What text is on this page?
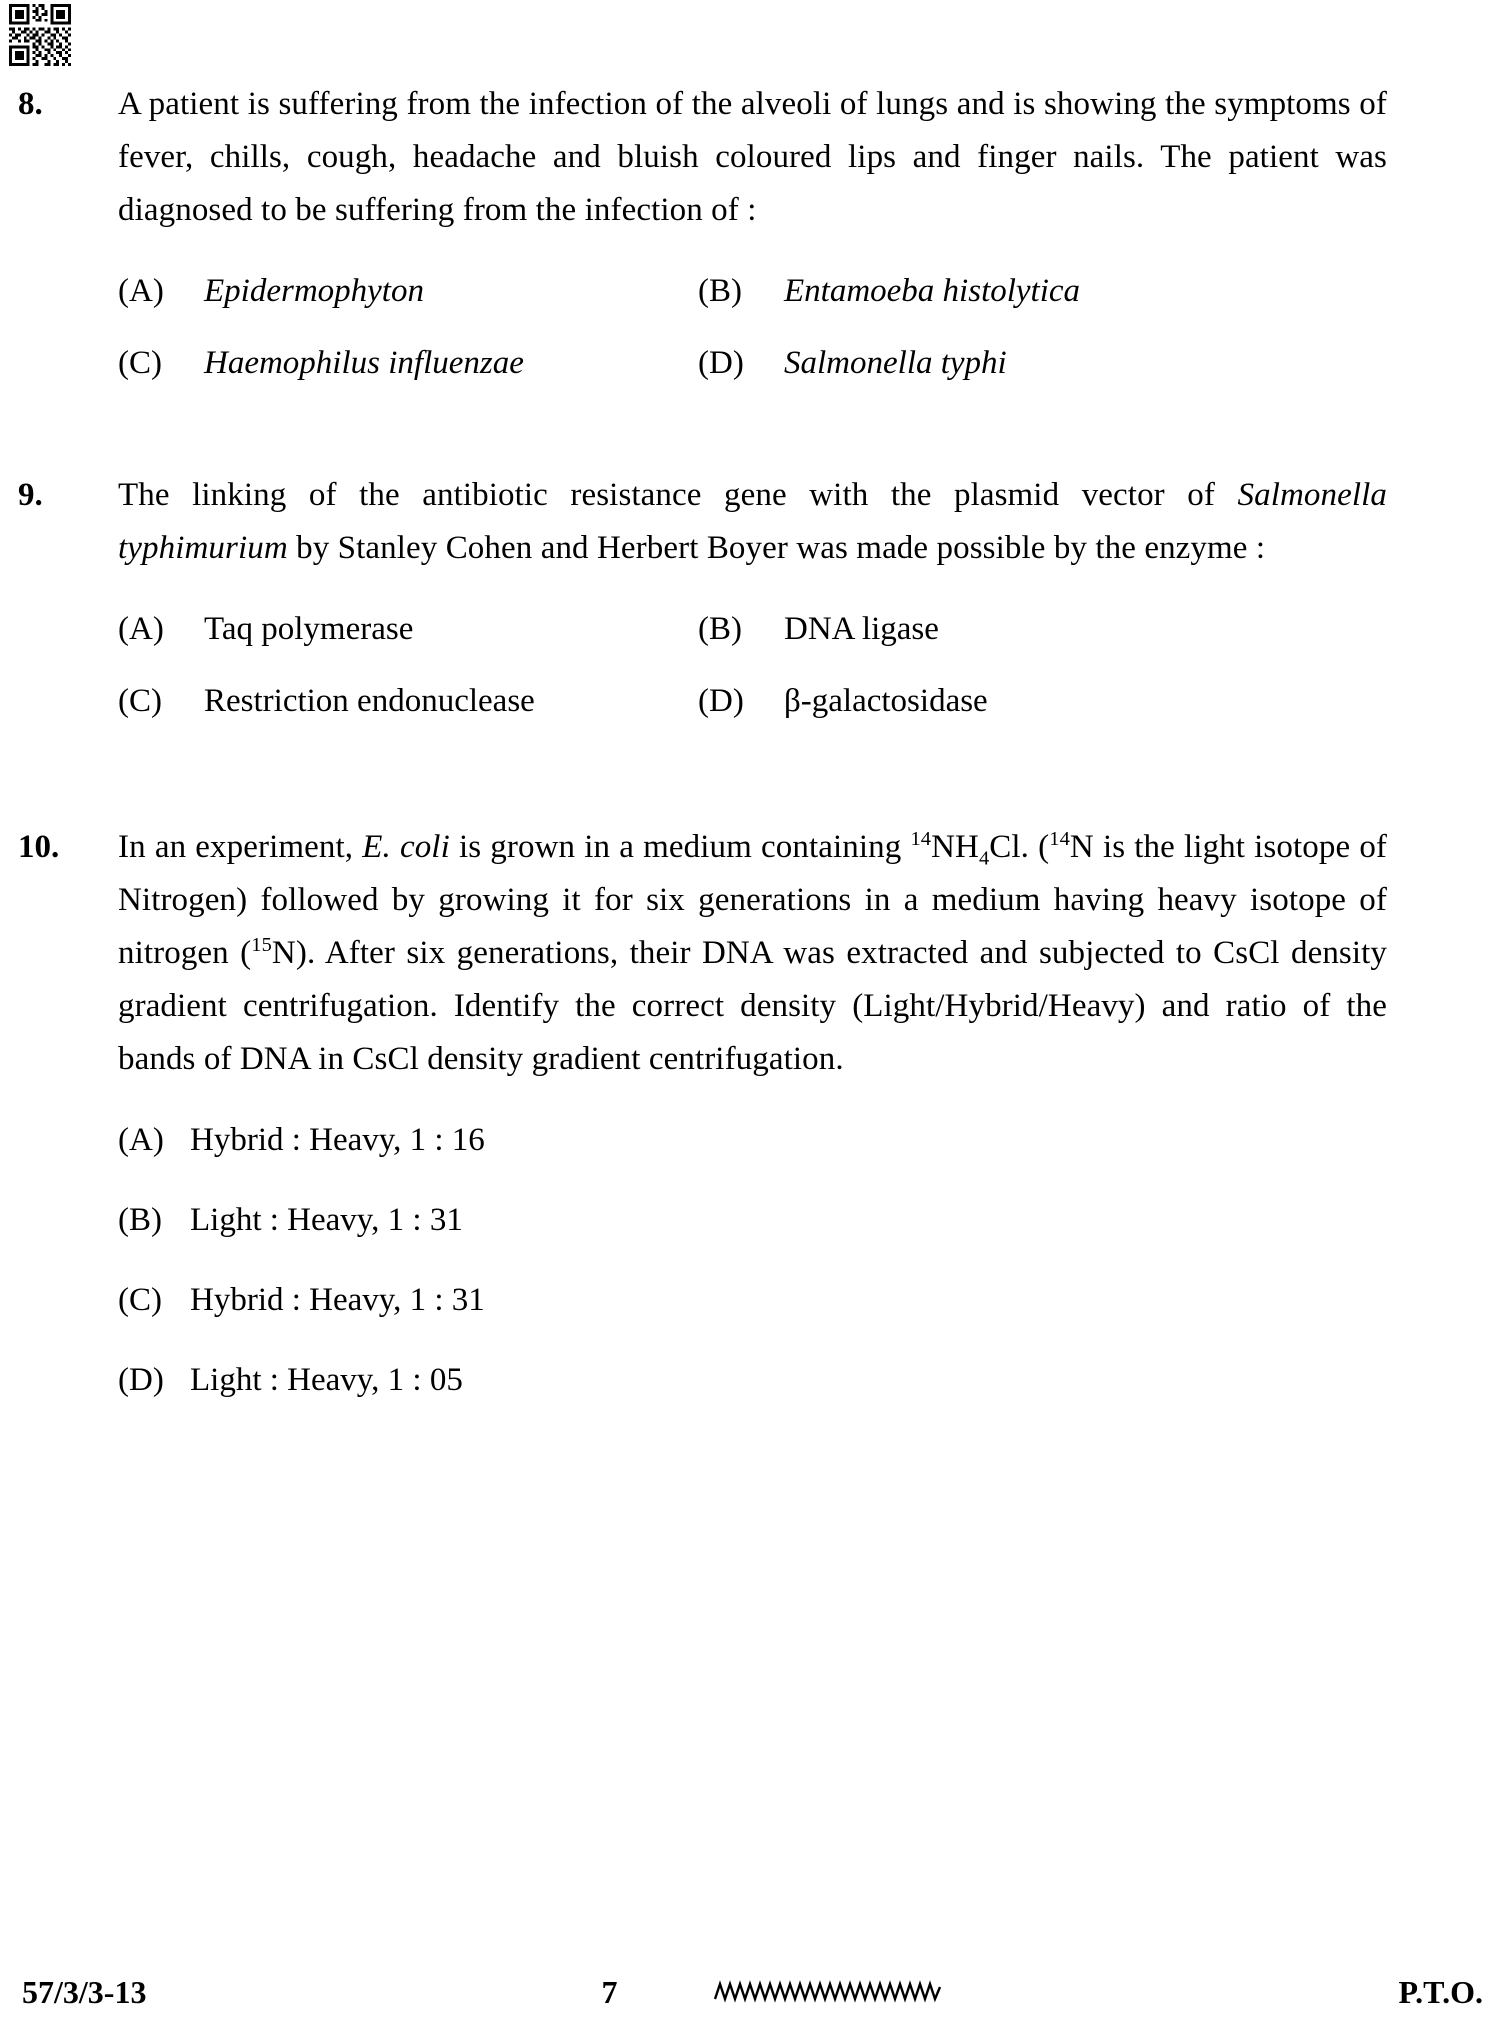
8.	A patient is suffering from the infection of the alveoli of lungs and is showing the symptoms of fever, chills, cough, headache and bluish coloured lips and finger nails. The patient was diagnosed to be suffering from the infection of :
(A)	Epidermophyton	(B)	Entamoeba histolytica
(C)	Haemophilus influenzae	(D)	Salmonella typhi
9.	The linking of the antibiotic resistance gene with the plasmid vector of Salmonella typhimurium by Stanley Cohen and Herbert Boyer was made possible by the enzyme :
(A)	Taq polymerase	(B)	DNA ligase
(C)	Restriction endonuclease	(D)	β-galactosidase
10.	In an experiment, E. coli is grown in a medium containing $^{14}NH_4Cl$. ($^{14}$N is the light isotope of Nitrogen) followed by growing it for six generations in a medium having heavy isotope of nitrogen ($^{15}$N). After six generations, their DNA was extracted and subjected to CsCl density gradient centrifugation. Identify the correct density (Light/Hybrid/Heavy) and ratio of the bands of DNA in CsCl density gradient centrifugation.
(A) Hybrid : Heavy, 1 : 16
(B) Light : Heavy, 1 : 31
(C) Hybrid : Heavy, 1 : 31
(D) Light : Heavy, 1 : 05
57/3/3-13	7	P.T.O.
